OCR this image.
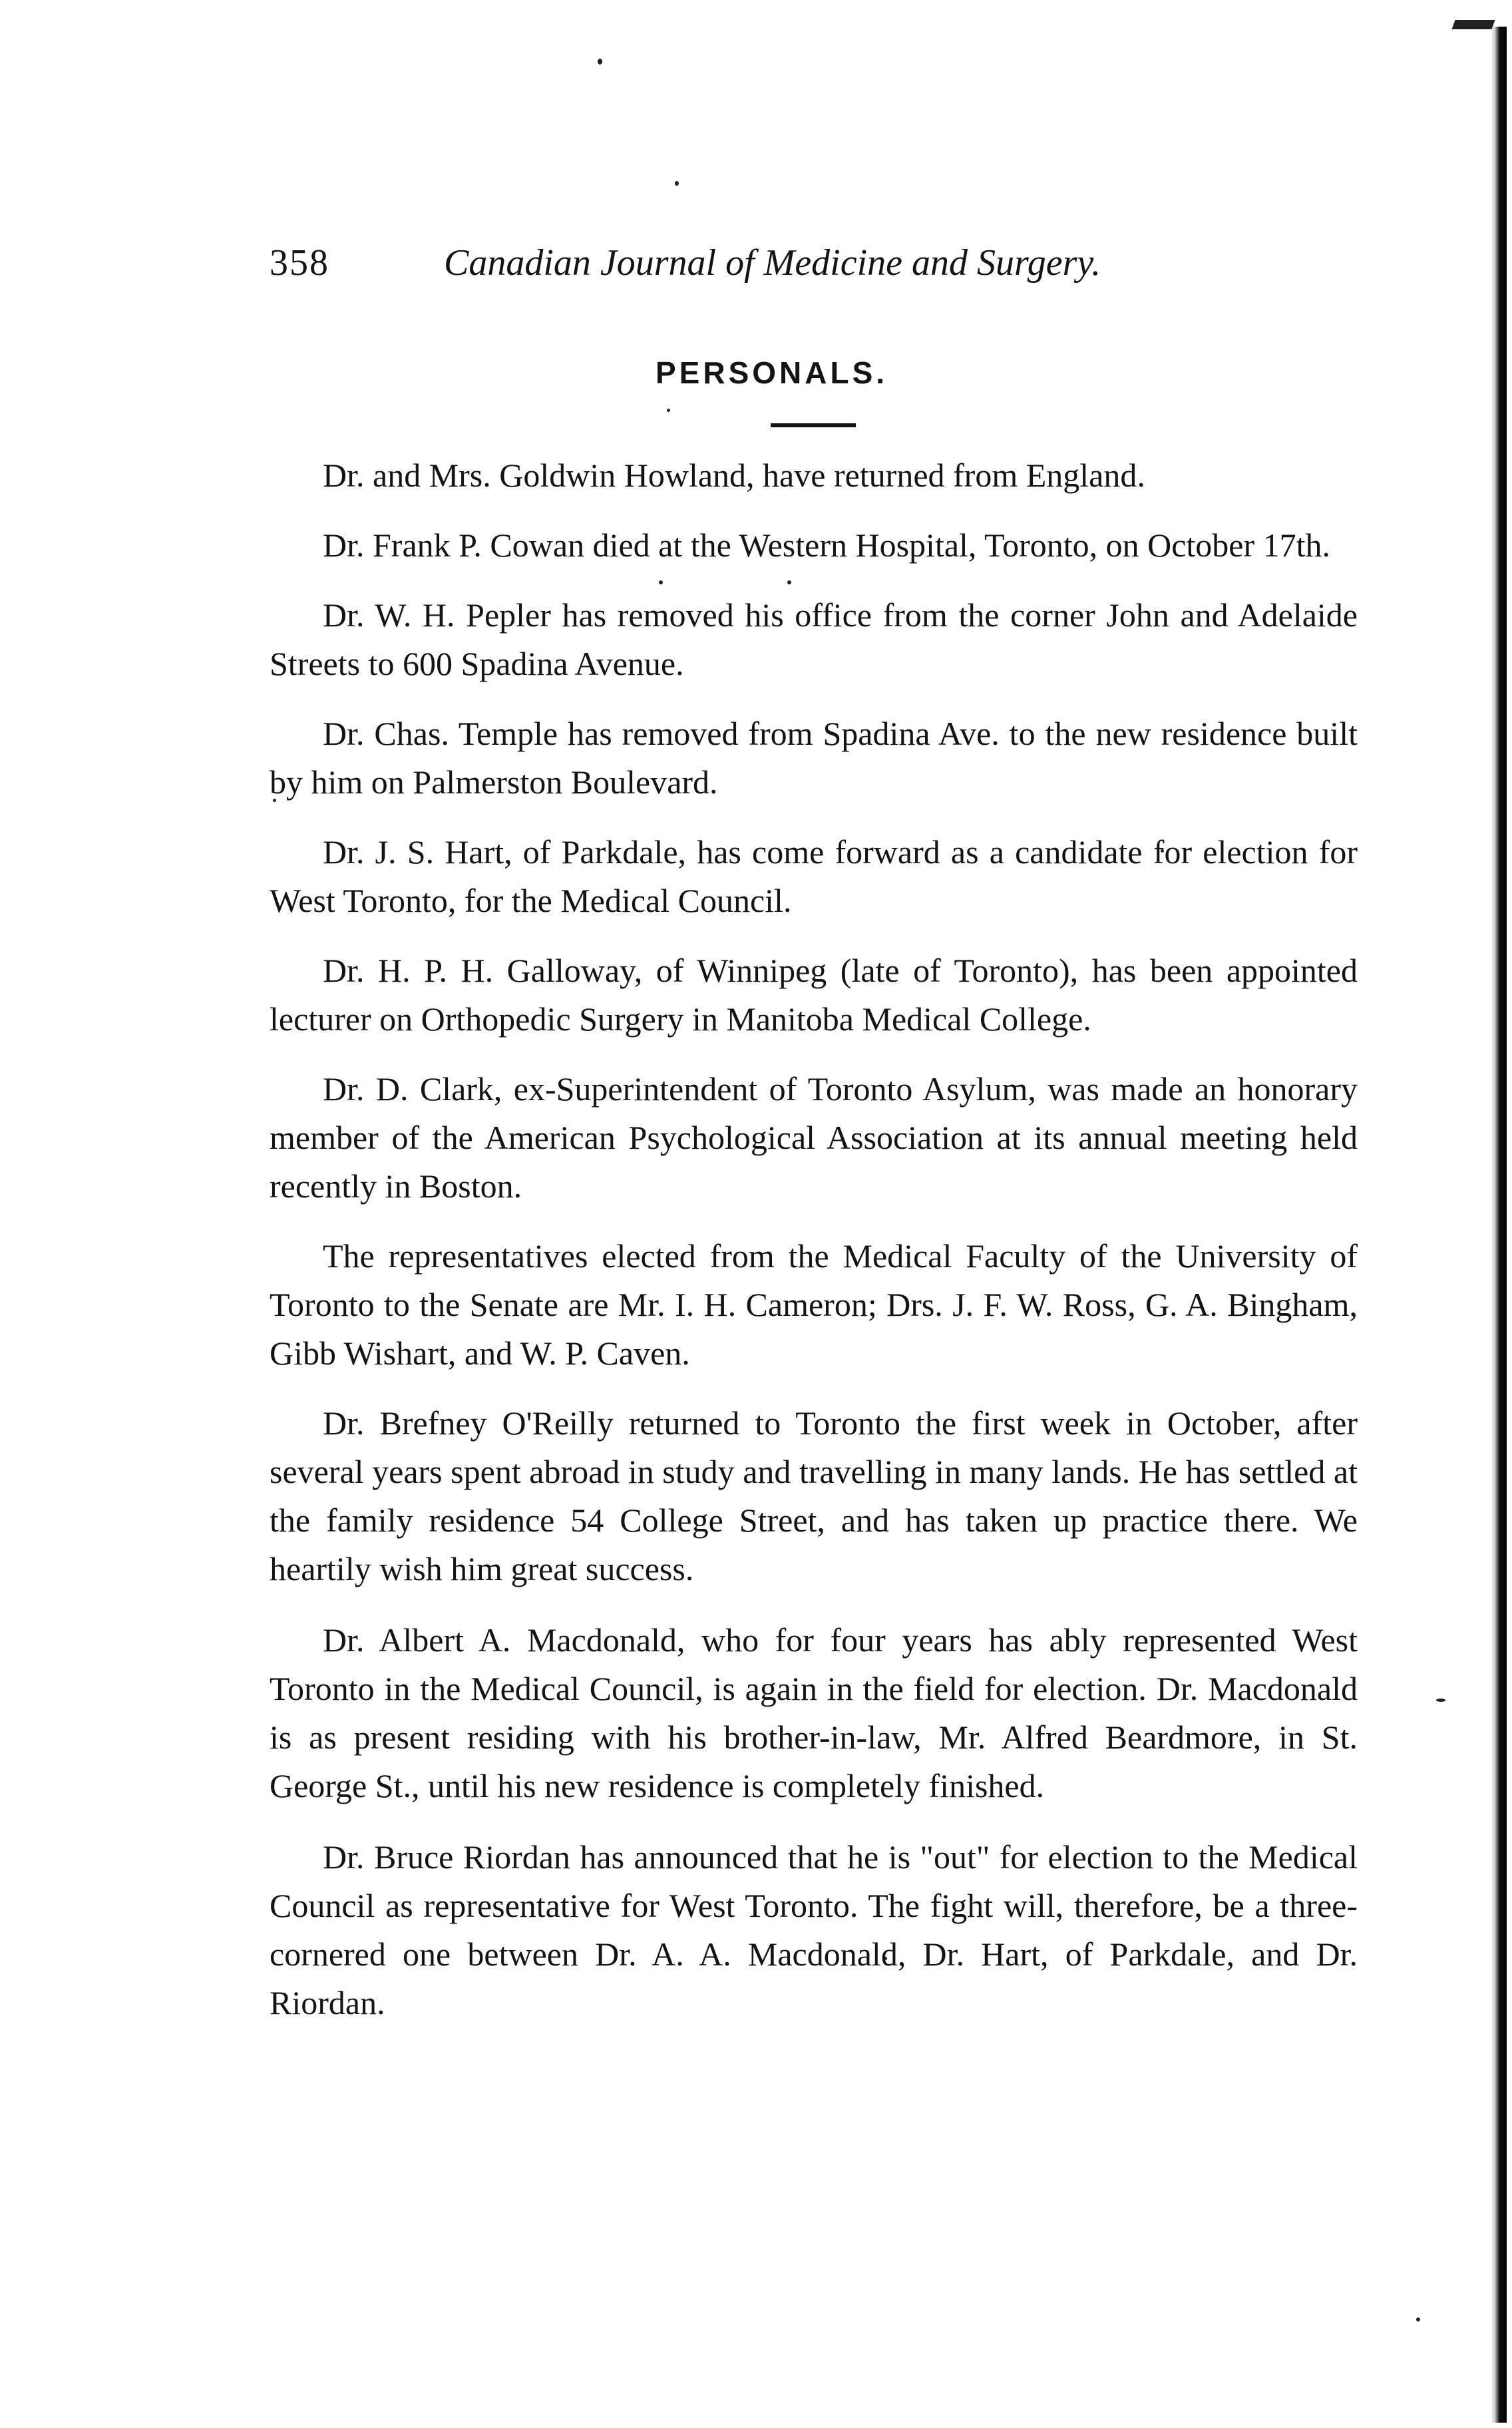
358	Canadian Journal of Medicine and Surgery.
PERSONALS.

Dr. and Mrs. Goldwin Howland, have returned from England.

Dr. Frank P. Cowan died at the Western Hospital, Toronto, on October 17th.

Dr. W. H. Pepler has removed his office from the corner John and Adelaide Streets to 600 Spadina Avenue.

Dr. Chas. Temple has removed from Spadina Ave. to the new residence built by him on Palmerston Boulevard.

Dr. J. S. Hart, of Parkdale, has come forward as a candidate for election for West Toronto, for the Medical Council.

Dr. H. P. H. Galloway, of Winnipeg (late of Toronto), has been appointed lecturer on Orthopedic Surgery in Manitoba Medical College.

Dr. D. Clark, ex-Superintendent of Toronto Asylum, was made an honorary member of the American Psychological Association at its annual meeting held recently in Boston.

The representatives elected from the Medical Faculty of the University of Toronto to the Senate are Mr. I. H. Cameron; Drs. J. F. W. Ross, G. A. Bingham, Gibb Wishart, and W. P. Caven.

Dr. Brefney O'Reilly returned to Toronto the first week in October, after several years spent abroad in study and travelling in many lands. He has settled at the family residence 54 College Street, and has taken up practice there. We heartily wish him great success.

Dr. Albert A. Macdonald, who for four years has ably represented West Toronto in the Medical Council, is again in the field for election. Dr. Macdonald is as present residing with his brother-in-law, Mr. Alfred Beardmore, in St. George St., until his new residence is completely finished.

Dr. Bruce Riordan has announced that he is "out" for election to the Medical Council as representative for West Toronto. The fight will, therefore, be a three-cornered one between Dr. A. A. Macdonald, Dr. Hart, of Parkdale, and Dr. Riordan.
